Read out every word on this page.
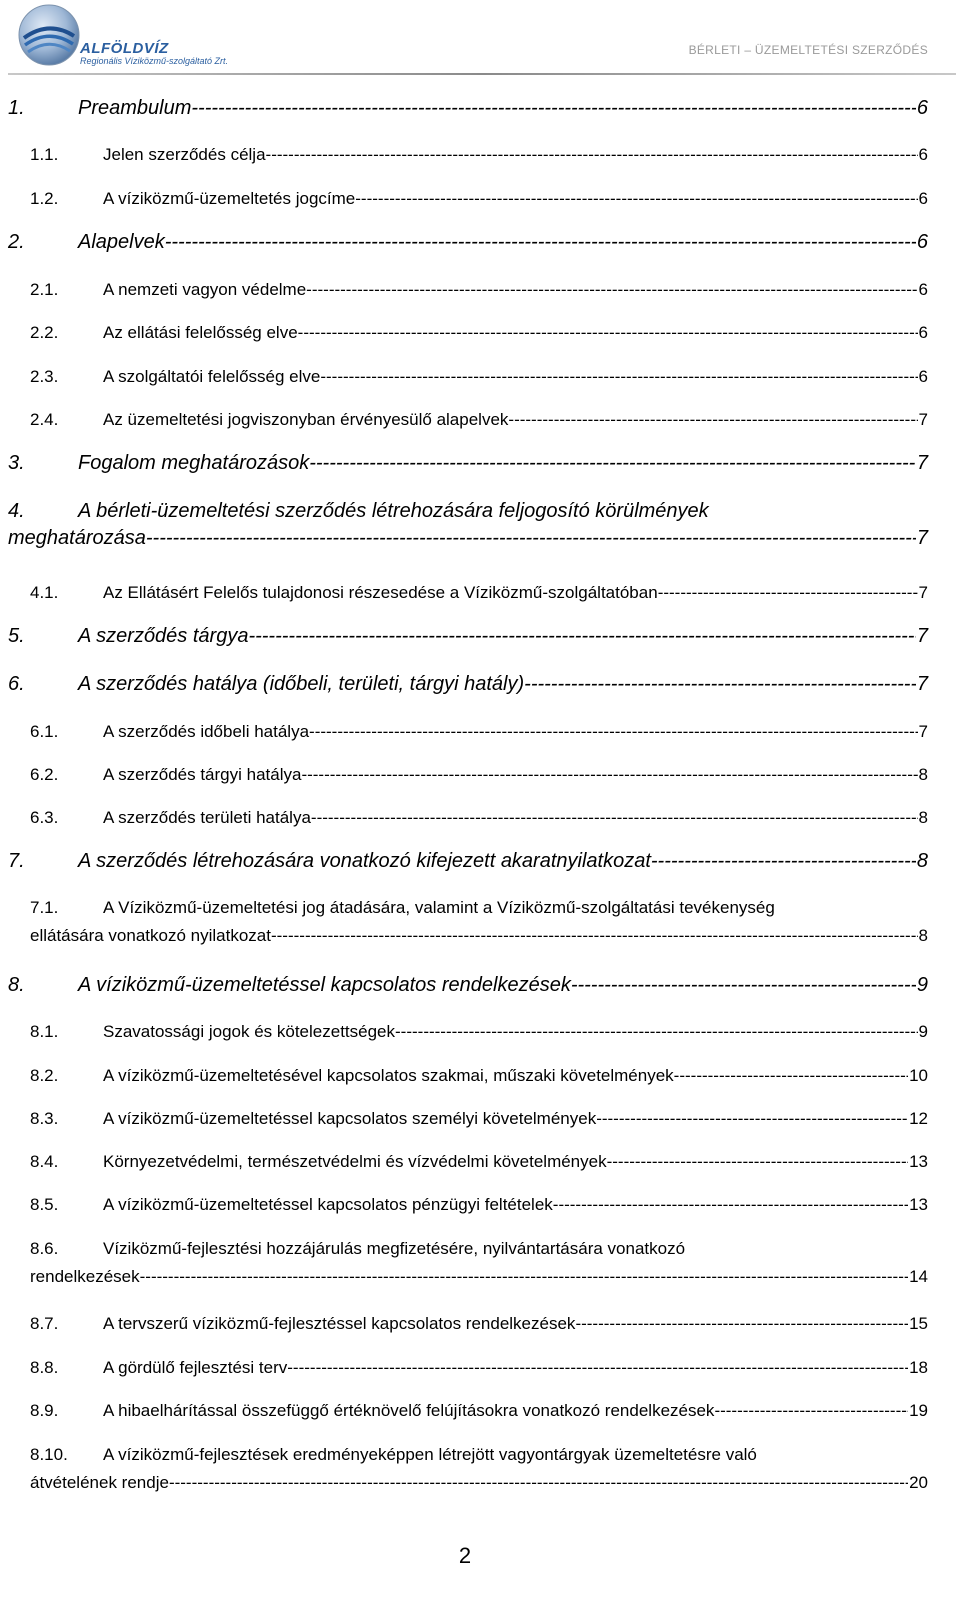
ALFÖLDVÍZ
Regionális Víziközmű-szolgáltató Zrt.
BÉRLETI – ÜZEMELTETÉSI SZERZŐDÉS
1.	Preambulum -----	6
1.1.	Jelen szerződés célja -----	6
1.2.	A víziközmű-üzemeltetés jogcíme -----	6
2.	Alapelvek -----	6
2.1.	A nemzeti vagyon védelme -----	6
2.2.	Az ellátási felelősség elve -----	6
2.3.	A szolgáltatói felelősség elve -----	6
2.4.	Az üzemeltetési jogviszonyban érvényesülő alapelvek -----	7
3.	Fogalom meghatározások -----	7
4.	A bérleti-üzemeltetési szerződés létrehozására feljogosító körülmények
meghatározása -----	7
4.1.	Az Ellátásért Felelős tulajdonosi részesedése a Víziközmű-szolgáltatóban -----	7
5.	A szerződés tárgya -----	7
6.	A szerződés hatálya (időbeli, területi, tárgyi hatály) -----	7
6.1.	A szerződés időbeli hatálya -----	7
6.2.	A szerződés tárgyi hatálya -----	8
6.3.	A szerződés területi hatálya -----	8
7.	A szerződés létrehozására vonatkozó kifejezett akaratnyilatkozat -----	8
7.1.	A Víziközmű-üzemeltetési jog átadására, valamint a Víziközmű-szolgáltatási tevékenység
ellátására vonatkozó nyilatkozat -----	8
8.	A víziközmű-üzemeltetéssel kapcsolatos rendelkezések -----	9
8.1.	Szavatossági jogok és kötelezettségek -----	9
8.2.	A víziközmű-üzemeltetésével kapcsolatos szakmai, műszaki követelmények -----	10
8.3.	A víziközmű-üzemeltetéssel kapcsolatos személyi követelmények -----	12
8.4.	Környezetvédelmi, természetvédelmi és vízvédelmi követelmények -----	13
8.5.	A víziközmű-üzemeltetéssel kapcsolatos pénzügyi feltételek -----	13
8.6.	Víziközmű-fejlesztési hozzájárulás megfizetésére, nyilvántartására vonatkozó
rendelkezések -----	14
8.7.	A tervszerű víziközmű-fejlesztéssel kapcsolatos rendelkezések -----	15
8.8.	A gördülő fejlesztési terv -----	18
8.9.	A hibaelhárítással összefüggő értéknövelő felújításokra vonatkozó rendelkezések -----	19
8.10.	A víziközmű-fejlesztések eredményeképpen létrejött vagyontárgyak üzemeltetésre való
átvételének rendje -----	20
2
